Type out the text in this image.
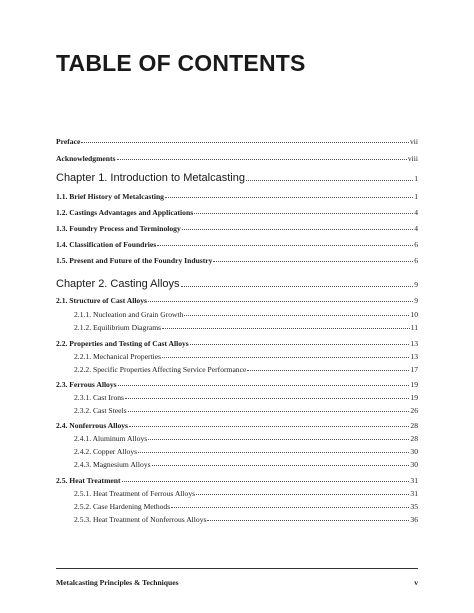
TABLE OF CONTENTS
Preface	vii
Acknowledgments	viii
Chapter 1. Introduction to Metalcasting	1
1.1. Brief History of Metalcasting	1
1.2. Castings Advantages and Applications	4
1.3. Foundry Process and Terminology	4
1.4. Classification of Foundries	6
1.5. Present and Future of the Foundry Industry	6
Chapter 2. Casting Alloys	9
2.1. Structure of Cast Alloys	9
2.1.1. Nucleation and Grain Growth	10
2.1.2. Equilibrium Diagrams	11
2.2. Properties and Testing of Cast Alloys	13
2.2.1. Mechanical Properties	13
2.2.2. Specific Properties Affecting Service Performance	17
2.3. Ferrous Alloys	19
2.3.1. Cast Irons	19
2.3.2. Cast Steels	26
2.4. Nonferrous Alloys	28
2.4.1. Aluminum Alloys	28
2.4.2. Copper Alloys	30
2.4.3. Magnesium Alloys	30
2.5. Heat Treatment	31
2.5.1. Heat Treatment of Ferrous Alloys	31
2.5.2. Case Hardening Methods	35
2.5.3. Heat Treatment of Nonferrous Alloys	36
Metalcasting Principles & Techniques	v
